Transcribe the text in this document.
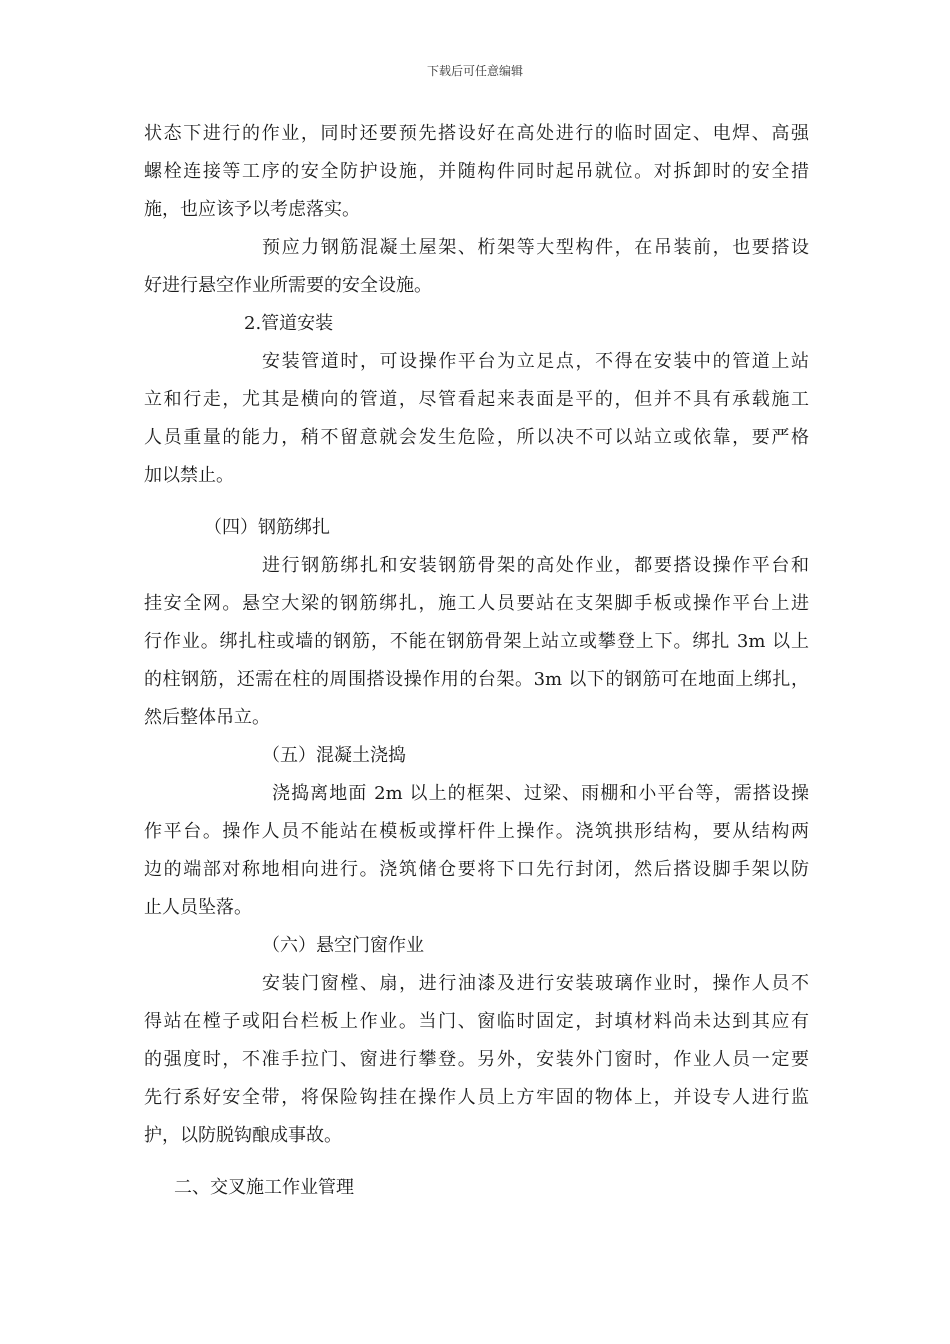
下载后可任意编辑
状态下进行的作业，同时还要预先搭设好在高处进行的临时固定、电焊、高强
螺栓连接等工序的安全防护设施，并随构件同时起吊就位。对拆卸时的安全措
施，也应该予以考虑落实。
预应力钢筋混凝土屋架、桁架等大型构件，在吊装前，也要搭设
好进行悬空作业所需要的安全设施。
2.管道安装
安装管道时，可设操作平台为立足点，不得在安装中的管道上站
立和行走，尤其是横向的管道，尽管看起来表面是平的，但并不具有承载施工
人员重量的能力，稍不留意就会发生危险，所以决不可以站立或依靠，要严格
加以禁止。
（四）钢筋绑扎
进行钢筋绑扎和安装钢筋骨架的高处作业，都要搭设操作平台和
挂安全网。悬空大梁的钢筋绑扎，施工人员要站在支架脚手板或操作平台上进
行作业。绑扎柱或墙的钢筋，不能在钢筋骨架上站立或攀登上下。绑扎 3m 以上
的柱钢筋，还需在柱的周围搭设操作用的台架。3m 以下的钢筋可在地面上绑扎，
然后整体吊立。
（五）混凝土浇捣
浇捣离地面 2m 以上的框架、过梁、雨棚和小平台等，需搭设操
作平台。操作人员不能站在模板或撑杆件上操作。浇筑拱形结构，要从结构两
边的端部对称地相向进行。浇筑储仓要将下口先行封闭，然后搭设脚手架以防
止人员坠落。
（六）悬空门窗作业
安装门窗樘、扇，进行油漆及进行安装玻璃作业时，操作人员不
得站在樘子或阳台栏板上作业。当门、窗临时固定，封填材料尚未达到其应有
的强度时，不准手拉门、窗进行攀登。另外，安装外门窗时，作业人员一定要
先行系好安全带，将保险钩挂在操作人员上方牢固的物体上，并设专人进行监
护，以防脱钩酿成事故。
二、交叉施工作业管理
